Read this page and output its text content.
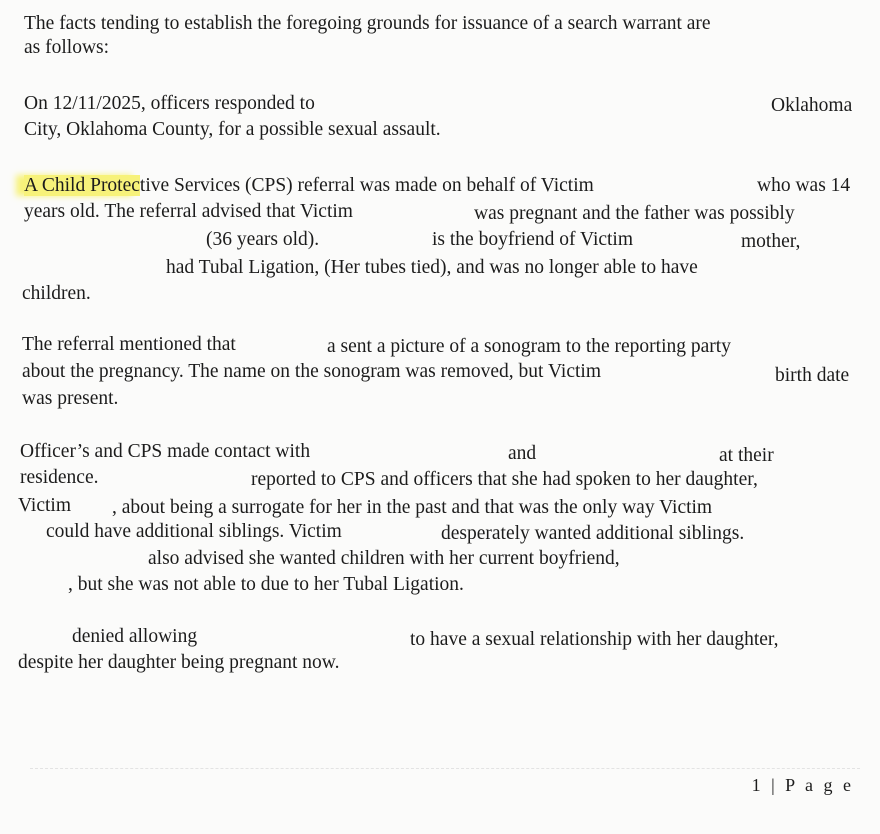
The facts tending to establish the foregoing grounds for issuance of a search warrant are
as follows:
On 12/11/2025, officers responded to	Oklahoma
City, Oklahoma County, for a possible sexual assault.
A Child Protective Services (CPS) referral was made on behalf of Victim	who was 14
years old. The referral advised that Victim	was pregnant and the father was possibly
(36 years old).	is the boyfriend of Victim	mother,
had Tubal Ligation, (Her tubes tied), and was no longer able to have
children.
The referral mentioned that	a sent a picture of a sonogram to the reporting party
about the pregnancy. The name on the sonogram was removed, but Victim	birth date
was present.
Officer’s and CPS made contact with	and	at their
residence.	reported to CPS and officers that she had spoken to her daughter,
Victim , about being a surrogate for her in the past and that was the only way Victim
could have additional siblings. Victim	desperately wanted additional siblings.
also advised she wanted children with her current boyfriend,
, but she was not able to due to her Tubal Ligation.
denied allowing	to have a sexual relationship with her daughter,
despite her daughter being pregnant now.
1 | P a g e
